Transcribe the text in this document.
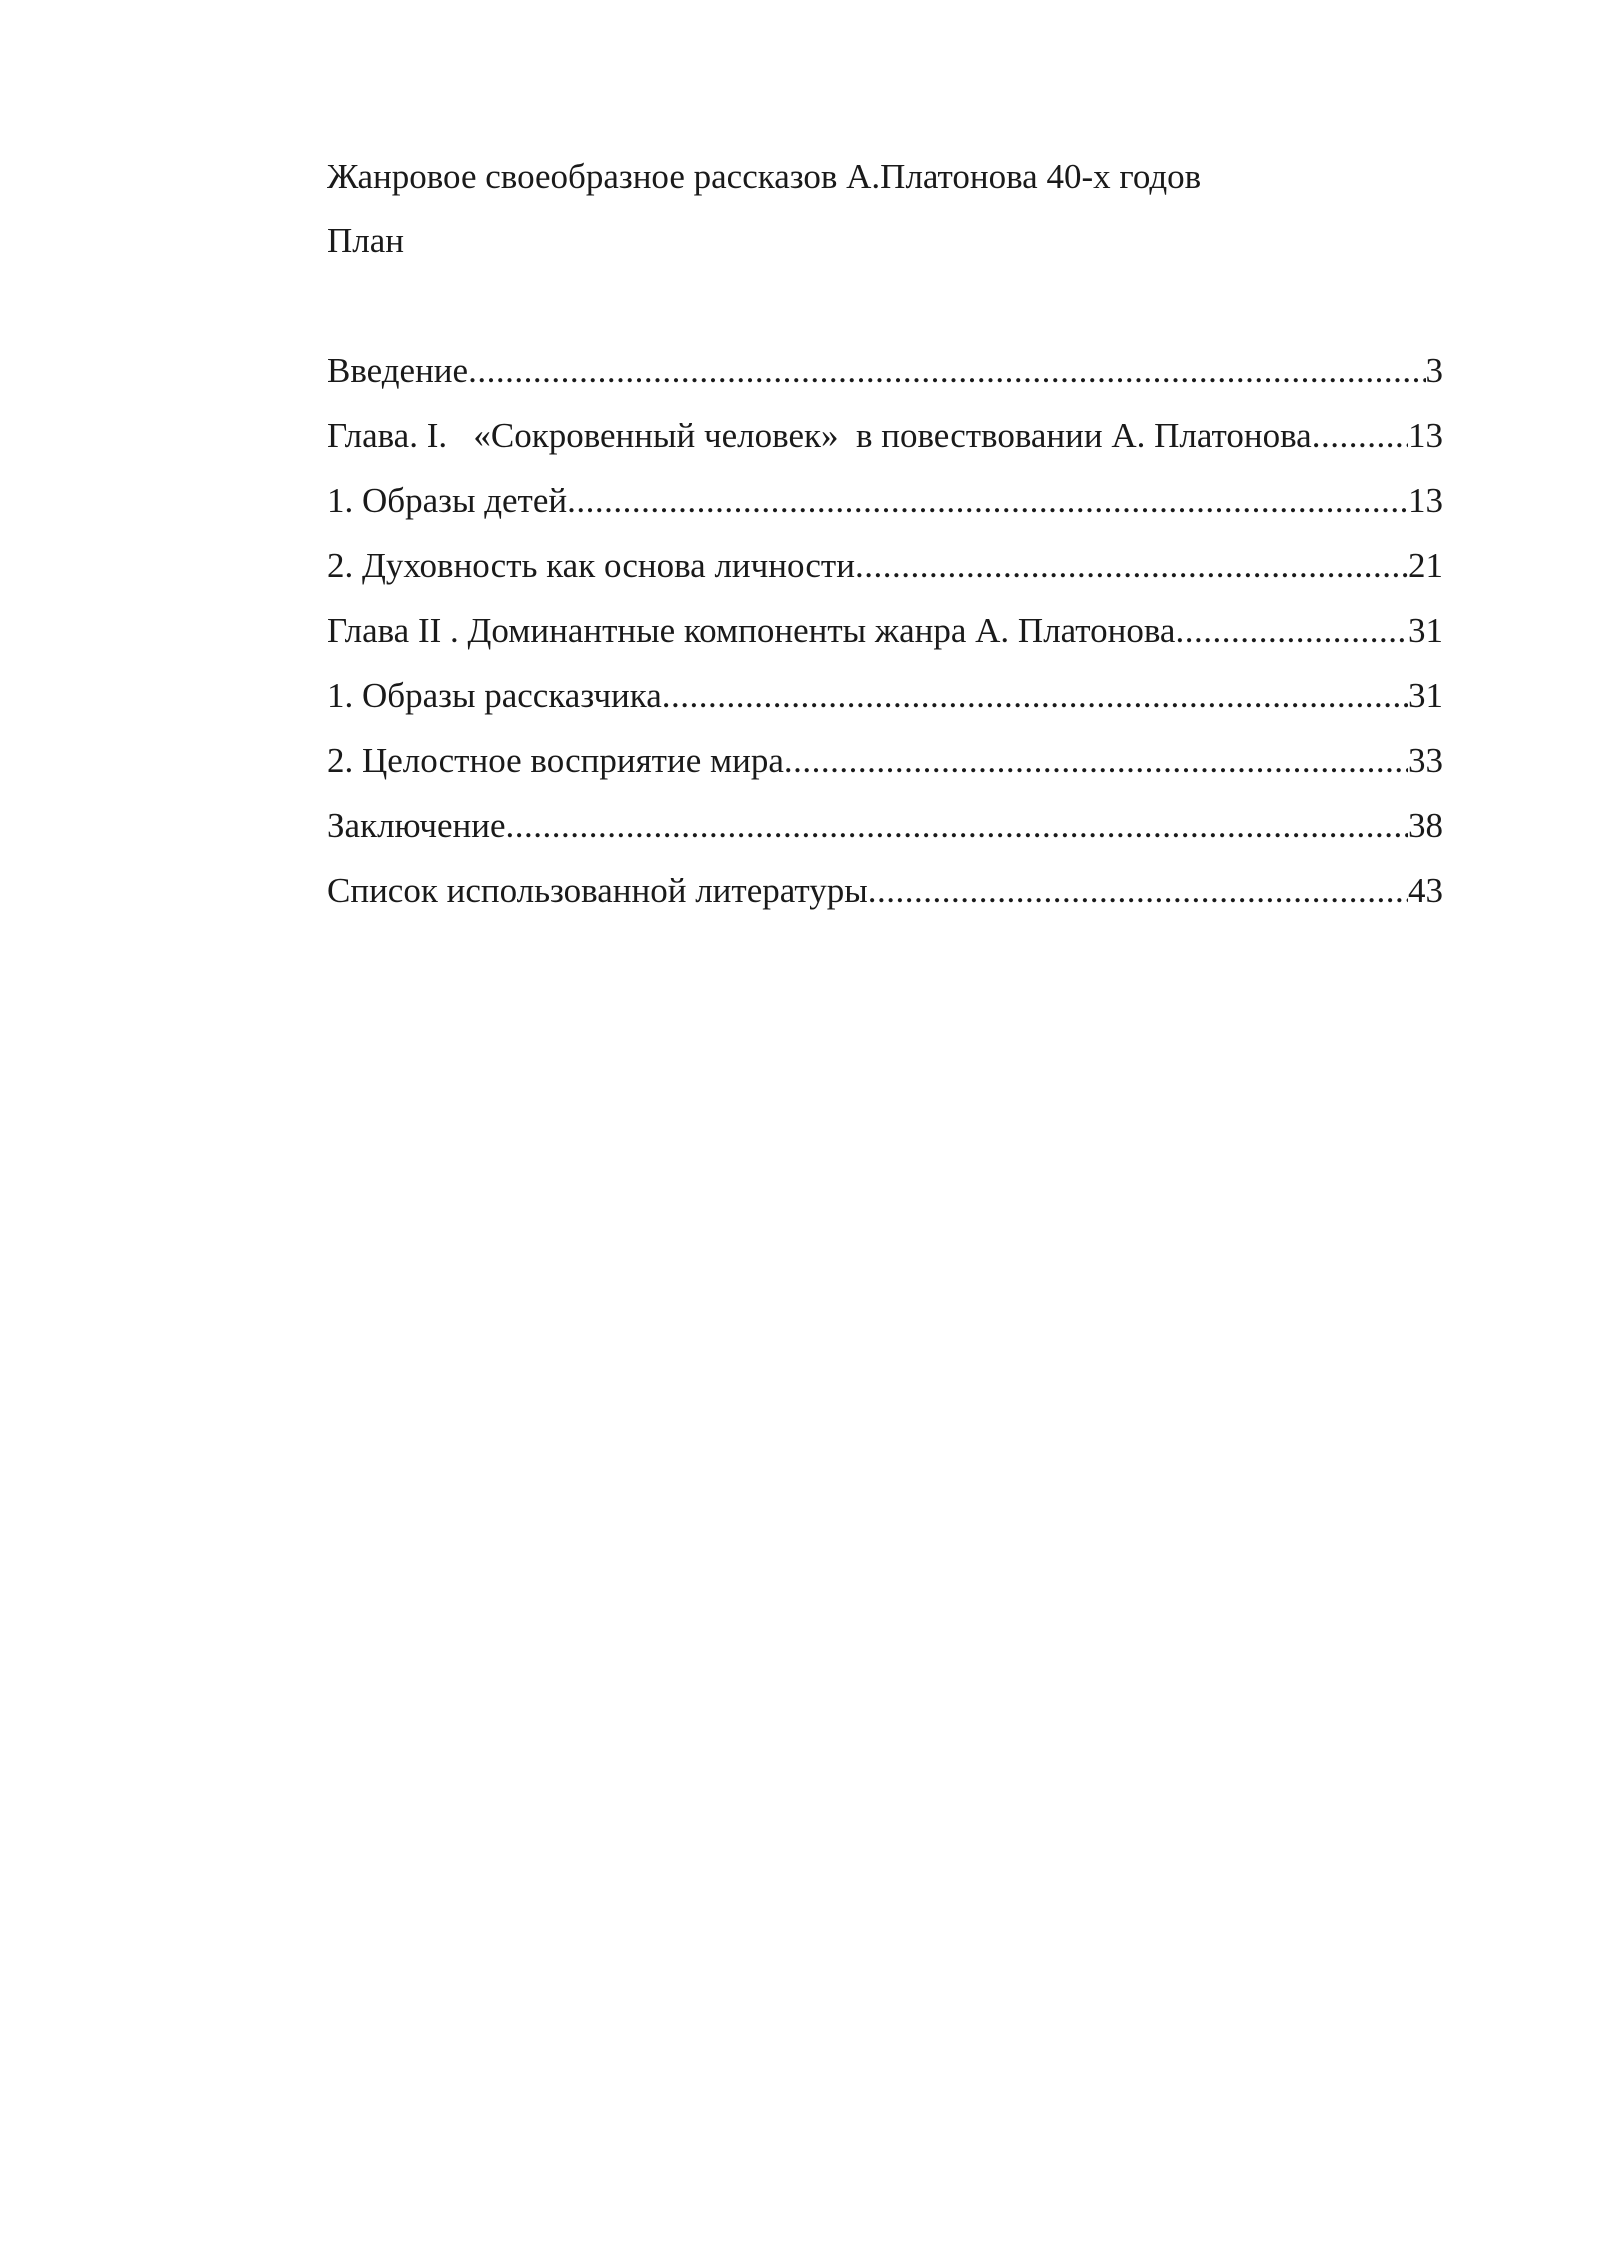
Жанровое своеобразное рассказов А.Платонова 40-х годов
План
Введение .....	3
Глава. I.   «Сокровенный человек»  в повествовании А. Платонова .....	13
1. Образы детей .....	13
2. Духовность как основа личности .....	21
Глава II . Доминантные компоненты жанра А. Платонова .....	31
1. Образы рассказчика .....	31
2. Целостное восприятие мира .....	33
Заключение .....	38
Список использованной литературы .....	43
